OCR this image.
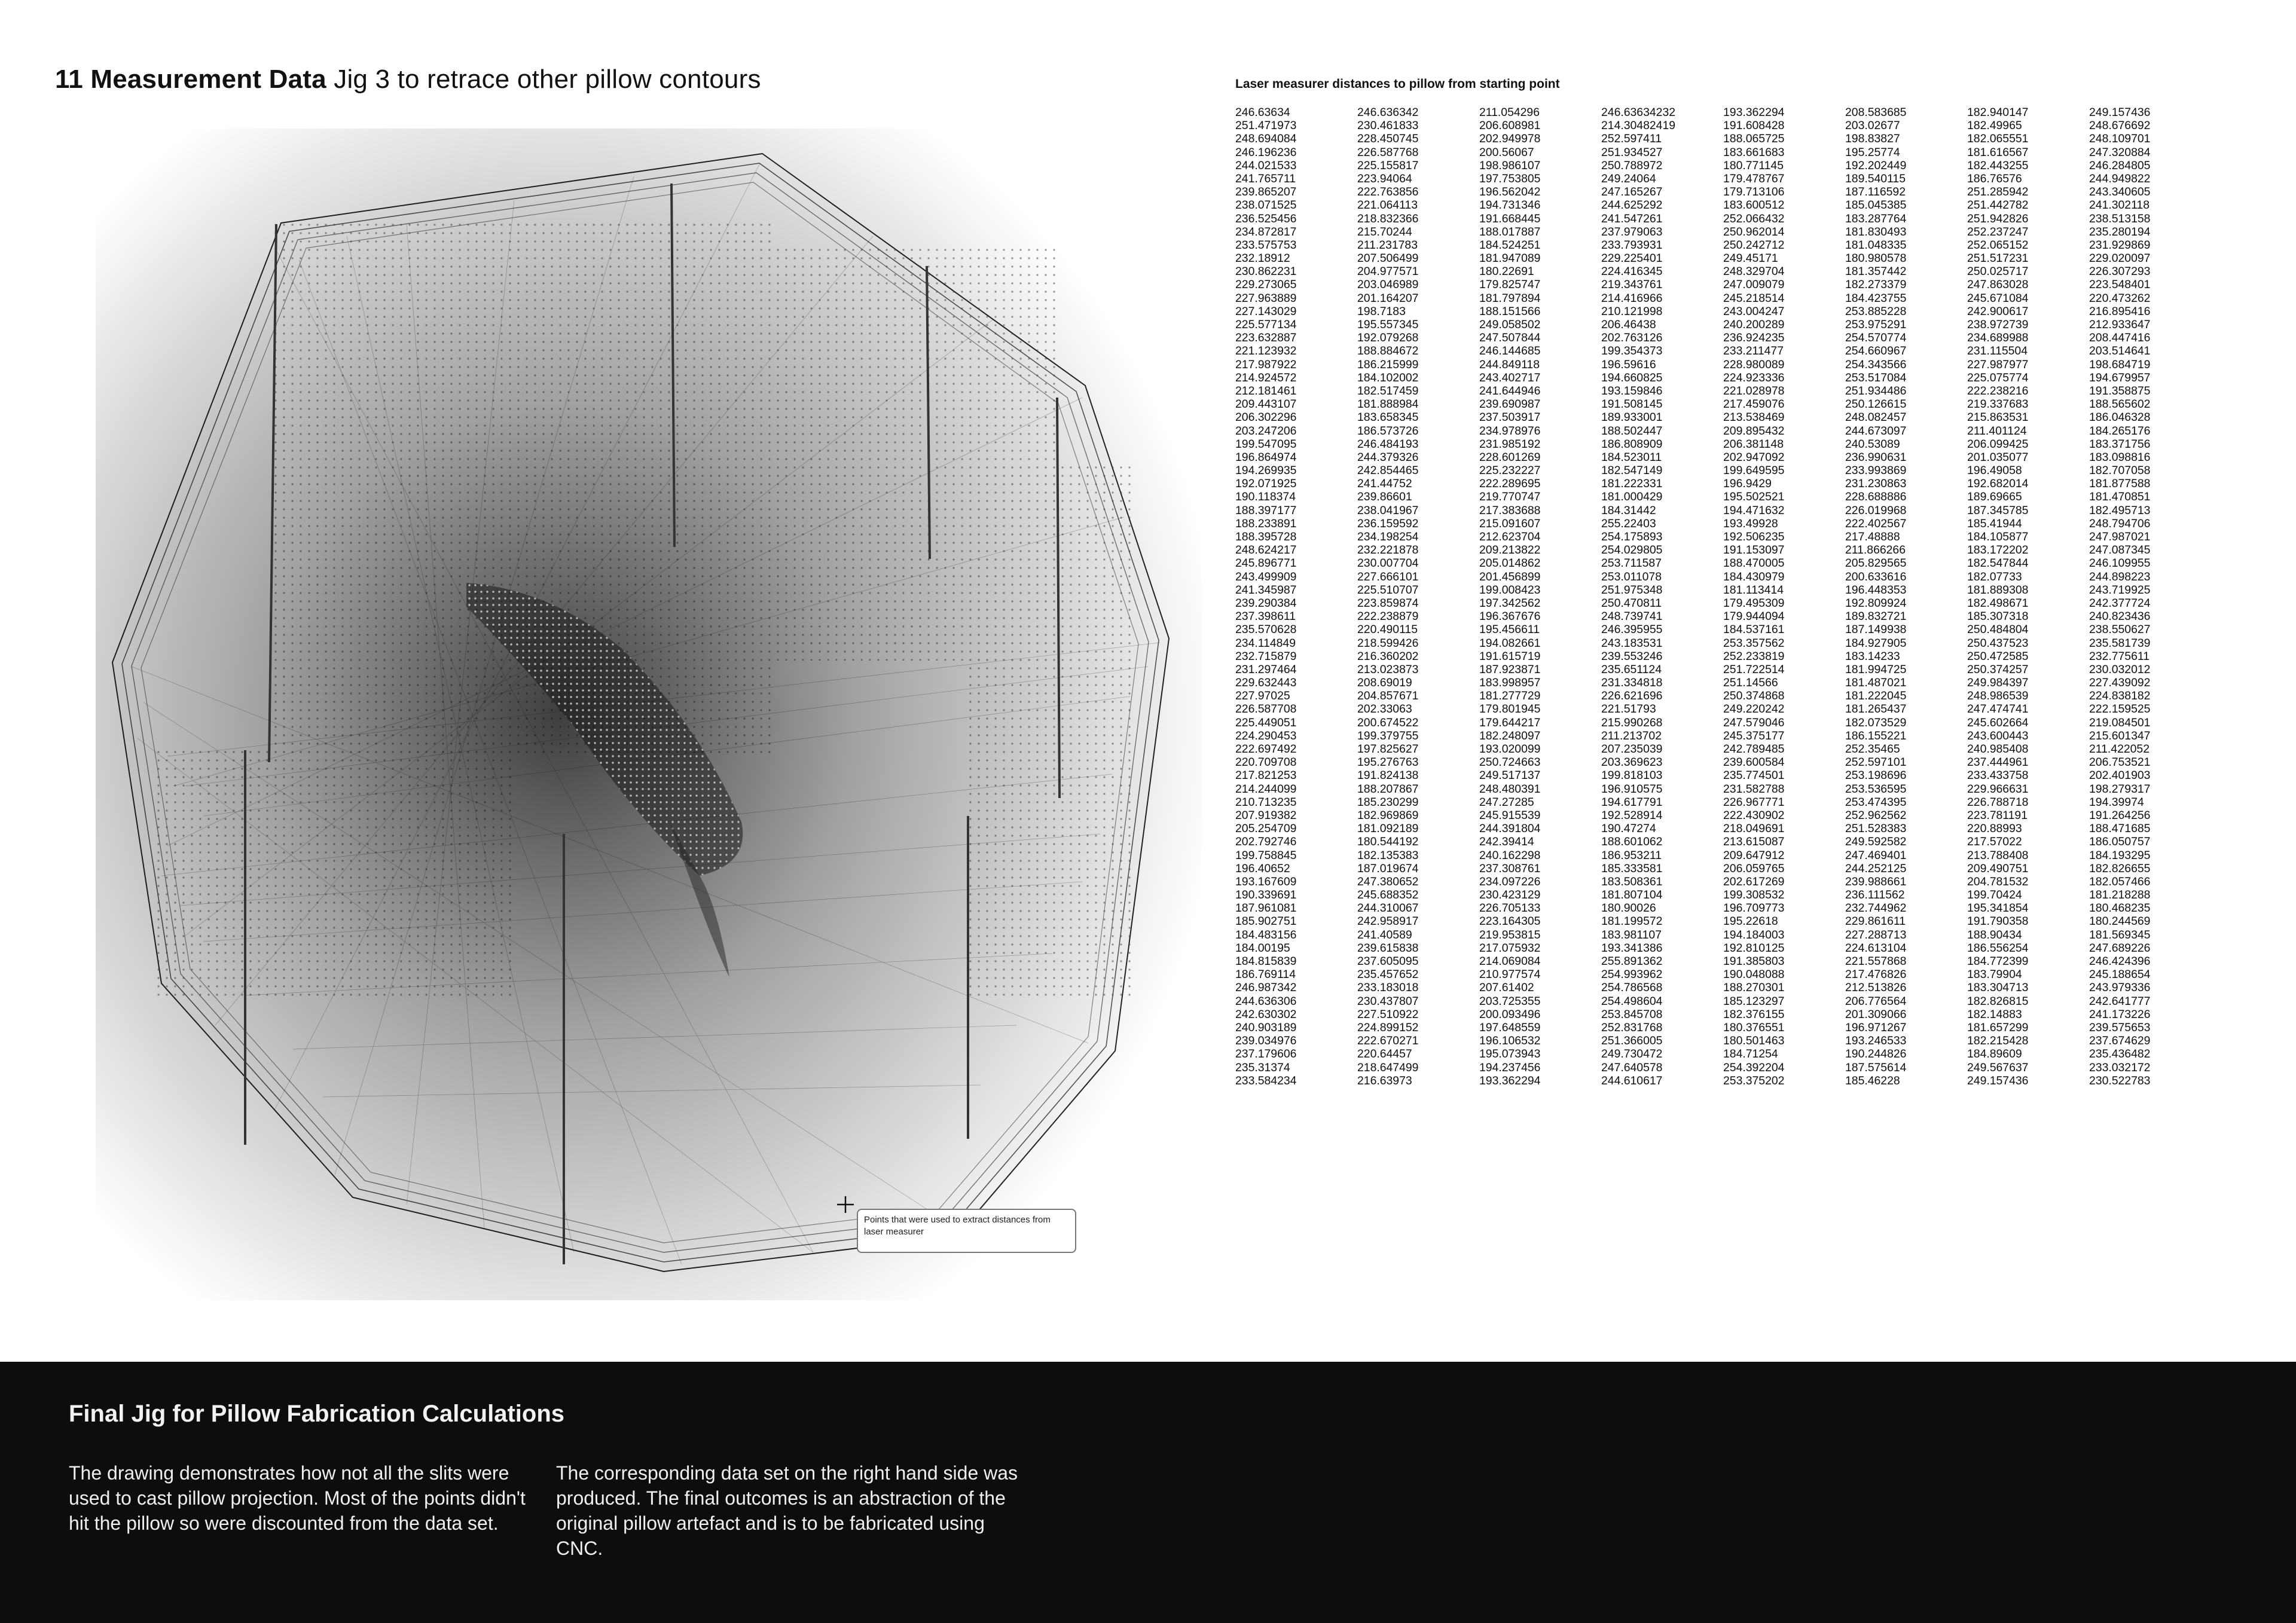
11 Measurement Data Jig 3 to retrace other pillow contours
Points that were used to extract distances from laser measurer
Laser measurer distances to pillow from starting point
246.63634
251.471973
248.694084
246.196236
244.021533
241.765711
239.865207
238.071525
236.525456
234.872817
233.575753
232.18912
230.862231
229.273065
227.963889
227.143029
225.577134
223.632887
221.123932
217.987922
214.924572
212.181461
209.443107
206.302296
203.247206
199.547095
196.864974
194.269935
192.071925
190.118374
188.397177
188.233891
188.395728
248.624217
245.896771
243.499909
241.345987
239.290384
237.398611
235.570628
234.114849
232.715879
231.297464
229.632443
227.97025
226.587708
225.449051
224.290453
222.697492
220.709708
217.821253
214.244099
210.713235
207.919382
205.254709
202.792746
199.758845
196.40652
193.167609
190.339691
187.961081
185.902751
184.483156
184.00195
184.815839
186.769114
246.987342
244.636306
242.630302
240.903189
239.034976
237.179606
235.31374
233.584234
246.636342
230.461833
228.450745
226.587768
225.155817
223.94064
222.763856
221.064113
218.832366
215.70244
211.231783
207.506499
204.977571
203.046989
201.164207
198.7183
195.557345
192.079268
188.884672
186.215999
184.102002
182.517459
181.888984
183.658345
186.573726
246.484193
244.379326
242.854465
241.44752
239.86601
238.041967
236.159592
234.198254
232.221878
230.007704
227.666101
225.510707
223.859874
222.238879
220.490115
218.599426
216.360202
213.023873
208.69019
204.857671
202.33063
200.674522
199.379755
197.825627
195.276763
191.824138
188.207867
185.230299
182.969869
181.092189
180.544192
182.135383
187.019674
247.380652
245.688352
244.310067
242.958917
241.40589
239.615838
237.605095
235.457652
233.183018
230.437807
227.510922
224.899152
222.670271
220.64457
218.647499
216.63973
211.054296
206.608981
202.949978
200.56067
198.986107
197.753805
196.562042
194.731346
191.668445
188.017887
184.524251
181.947089
180.22691
179.825747
181.797894
188.151566
249.058502
247.507844
246.144685
244.849118
243.402717
241.644946
239.690987
237.503917
234.978976
231.985192
228.601269
225.232227
222.289695
219.770747
217.383688
215.091607
212.623704
209.213822
205.014862
201.456899
199.008423
197.342562
196.367676
195.456611
194.082661
191.615719
187.923871
183.998957
181.277729
179.801945
179.644217
182.248097
193.020099
250.724663
249.517137
248.480391
247.27285
245.915539
244.391804
242.39414
240.162298
237.308761
234.097226
230.423129
226.705133
223.164305
219.953815
217.075932
214.069084
210.977574
207.61402
203.725355
200.093496
197.648559
196.106532
195.073943
194.237456
193.362294
246.63634232
214.30482419
252.597411
251.934527
250.788972
249.24064
247.165267
244.625292
241.547261
237.979063
233.793931
229.225401
224.416345
219.343761
214.416966
210.121998
206.46438
202.763126
199.354373
196.59616
194.660825
193.159846
191.508145
189.933001
188.502447
186.808909
184.523011
182.547149
181.222331
181.000429
184.31442
255.22403
254.175893
254.029805
253.711587
253.011078
251.975348
250.470811
248.739741
246.395955
243.183531
239.553246
235.651124
231.334818
226.621696
221.51793
215.990268
211.213702
207.235039
203.369623
199.818103
196.910575
194.617791
192.528914
190.47274
188.601062
186.953211
185.333581
183.508361
181.807104
180.90026
181.199572
183.981107
193.341386
255.891362
254.993962
254.786568
254.498604
253.845708
252.831768
251.366005
249.730472
247.640578
244.610617
193.362294
191.608428
188.065725
183.661683
180.771145
179.478767
179.713106
183.600512
252.066432
250.962014
250.242712
249.45171
248.329704
247.009079
245.218514
243.004247
240.200289
236.924235
233.211477
228.980089
224.923336
221.028978
217.459076
213.538469
209.895432
206.381148
202.947092
199.649595
196.9429
195.502521
194.471632
193.49928
192.506235
191.153097
188.470005
184.430979
181.113414
179.495309
179.944094
184.537161
253.357562
252.233819
251.722514
251.14566
250.374868
249.220242
247.579046
245.375177
242.789485
239.600584
235.774501
231.582788
226.967771
222.430902
218.049691
213.615087
209.647912
206.059765
202.617269
199.308532
196.709773
195.22618
194.184003
192.810125
191.385803
190.048088
188.270301
185.123297
182.376155
180.376551
180.501463
184.71254
254.392204
253.375202
208.583685
203.02677
198.83827
195.25774
192.202449
189.540115
187.116592
185.045385
183.287764
181.830493
181.048335
180.980578
181.357442
182.273379
184.423755
253.885228
253.975291
254.570774
254.660967
254.343566
253.517084
251.934486
250.126615
248.082457
244.673097
240.53089
236.990631
233.993869
231.230863
228.688886
226.019968
222.402567
217.48888
211.866266
205.829565
200.633616
196.448353
192.809924
189.832721
187.149938
184.927905
183.14233
181.994725
181.487021
181.222045
181.265437
182.073529
186.155221
252.35465
252.597101
253.198696
253.536595
253.474395
252.962562
251.528383
249.592582
247.469401
244.252125
239.988661
236.111562
232.744962
229.861611
227.288713
224.613104
221.557868
217.476826
212.513826
206.776564
201.309066
196.971267
193.246533
190.244826
187.575614
185.46228
182.940147
182.49965
182.065551
181.616567
182.443255
186.76576
251.285942
251.442782
251.942826
252.237247
252.065152
251.517231
250.025717
247.863028
245.671084
242.900617
238.972739
234.689988
231.115504
227.987977
225.075774
222.238216
219.337683
215.863531
211.401124
206.099425
201.035077
196.49058
192.682014
189.69665
187.345785
185.41944
184.105877
183.172202
182.547844
182.07733
181.889308
182.498671
185.307318
250.484804
250.437523
250.472585
250.374257
249.984397
248.986539
247.474741
245.602664
243.600443
240.985408
237.444961
233.433758
229.966631
226.788718
223.781191
220.88993
217.57022
213.788408
209.490751
204.781532
199.70424
195.341854
191.790358
188.90434
186.556254
184.772399
183.79904
183.304713
182.826815
182.14883
181.657299
182.215428
184.89609
249.567637
249.157436
249.157436
248.676692
248.109701
247.320884
246.284805
244.949822
243.340605
241.302118
238.513158
235.280194
231.929869
229.020097
226.307293
223.548401
220.473262
216.895416
212.933647
208.447416
203.514641
198.684719
194.679957
191.358875
188.565602
186.046328
184.265176
183.371756
183.098816
182.707058
181.877588
181.470851
182.495713
248.794706
247.987021
247.087345
246.109955
244.898223
243.719925
242.377724
240.823436
238.550627
235.581739
232.775611
230.032012
227.439092
224.838182
222.159525
219.084501
215.601347
211.422052
206.753521
202.401903
198.279317
194.39974
191.264256
188.471685
186.050757
184.193295
182.826655
182.057466
181.218288
180.468235
180.244569
181.569345
247.689226
246.424396
245.188654
243.979336
242.641777
241.173226
239.575653
237.674629
235.436482
233.032172
230.522783
Final Jig for Pillow Fabrication Calculations

The drawing demonstrates how not all the slits were used to cast pillow projection. Most of the points didn't hit the pillow so were discounted from the data set.

The corresponding data set on the right hand side was produced. The final outcomes is an abstraction of the original pillow artefact and is to be fabricated using CNC.
